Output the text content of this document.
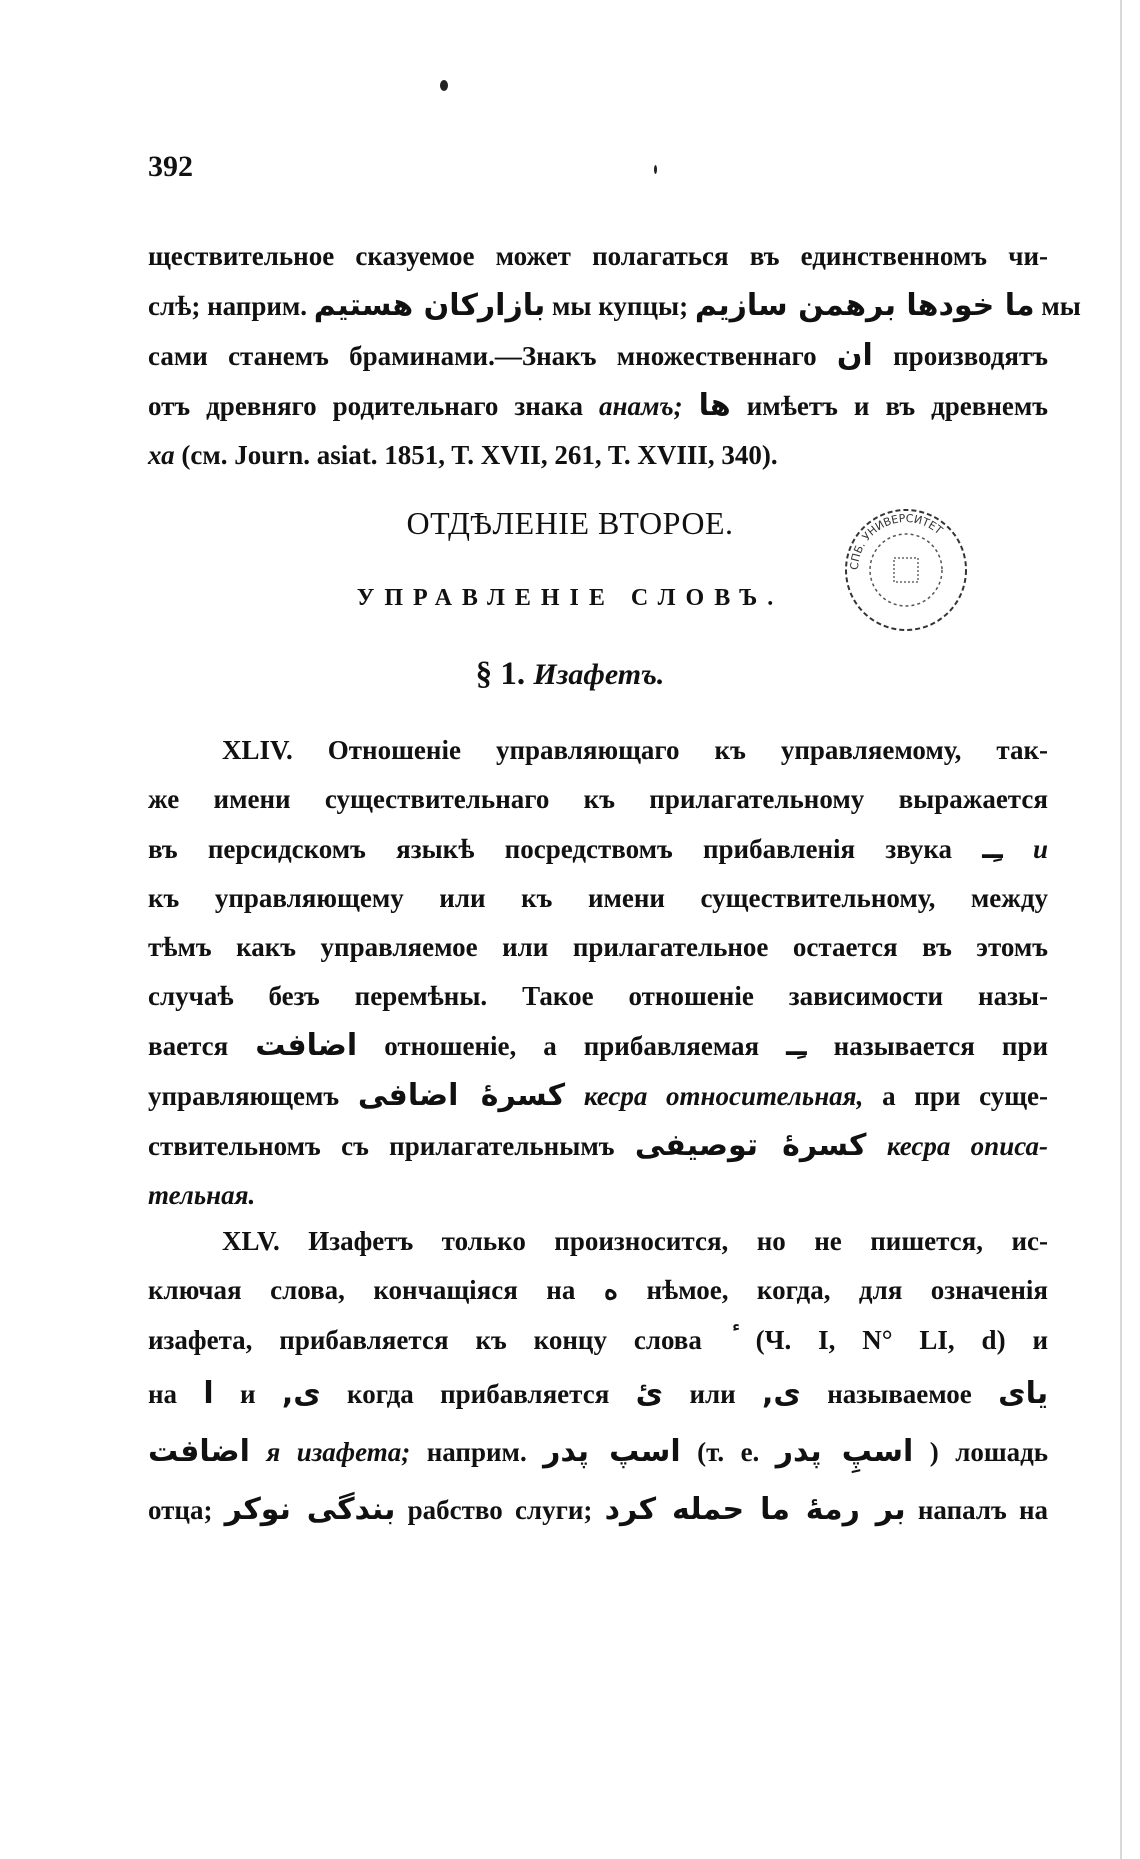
392
ществительное сказуемое может полагаться въ единственномъ чи-
слѣ; наприм. بازارکان هستیم мы купцы; ما خودها برهمن سازیم мы
сами станемъ браминами.—Знакъ множественнаго ان производятъ
отъ древняго родительнаго знака анамъ; ها имѣетъ и въ древнемъ
ха (см. Journ. asiat. 1851, T. XVII, 261, T. XVIII, 340).
ОТДѢЛЕНІЕ ВТОРОЕ.
УПРАВЛЕНІЕ СЛОВЪ.
§ 1. Изафетъ.
СПБ. УНИВЕРСИТЕТ
XLIV. Отношеніе управляющаго къ управляемому, так-
же имени существительнаго къ прилагательному выражается
въ персидскомъ языкѣ посредствомъ прибавленія звука ـِـ и
къ управляющему или къ имени существительному, между
тѣмъ какъ управляемое или прилагательное остается въ этомъ
случаѣ безъ перемѣны. Такое отношеніе зависимости назы-
вается اضافت отношеніе, а прибавляемая ـِـ называется при
управляющемъ کسرهٔ اضافی кесра относительная, а при суще-
ствительномъ съ прилагательнымъ کسرهٔ توصیفی кесра описа-
тельная.
XLV. Изафетъ только произносится, но не пишется, ис-
ключая слова, кончащіяся на ه нѣмое, когда, для означенія
изафета, прибавляется къ концу слова (Ч. I, N° LI, d) и
на ا и ی, когда прибавляется یٔ или ی, называемое یای
اضافت я изафета; наприм. اسپ پدر (т. е. اسپِ پدر ) лошадь
отца; بندگی نوکر рабство слуги; بر رمهٔ ما حمله کرد напалъ на
